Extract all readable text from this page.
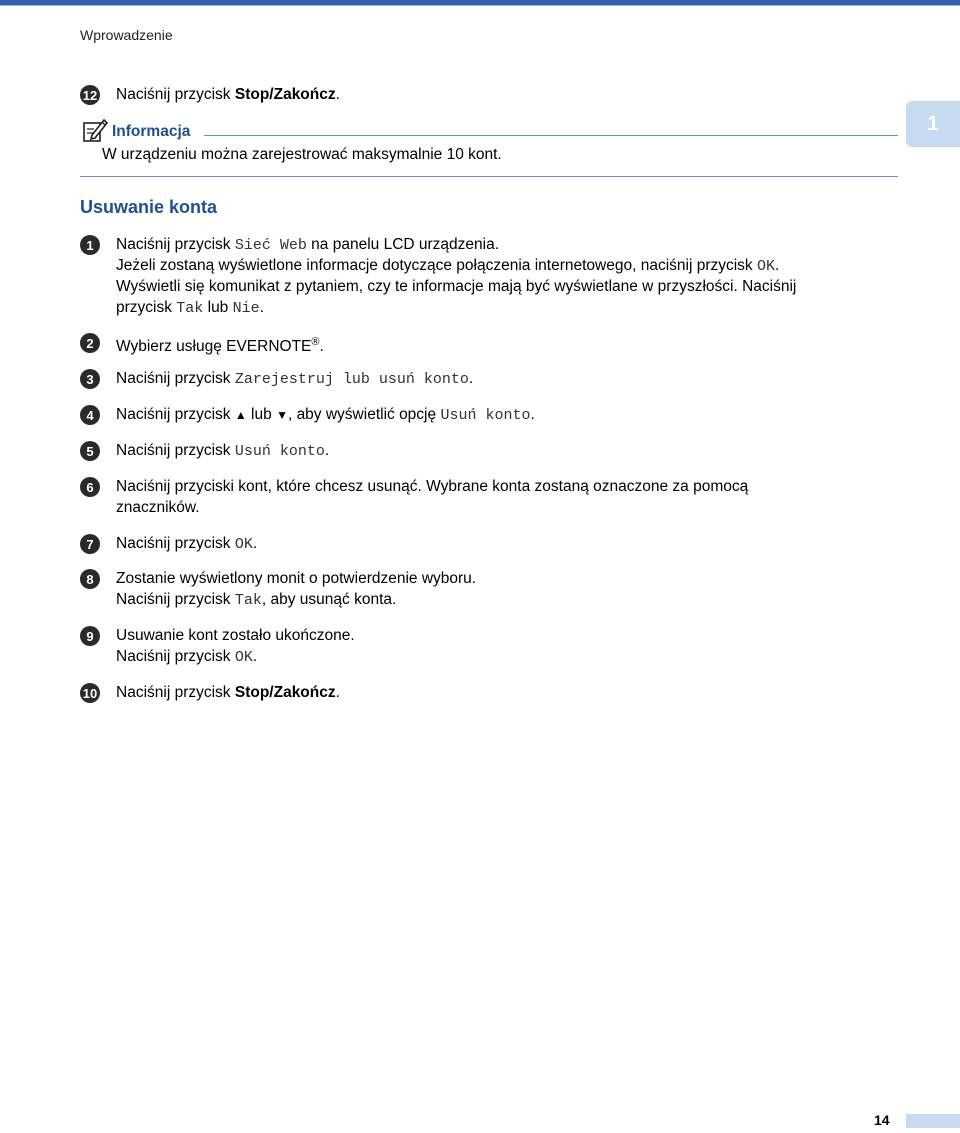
Wprowadzenie
1
12 Naciśnij przycisk Stop/Zakończ.
Informacja
W urządzeniu można zarejestrować maksymalnie 10 kont.
Usuwanie konta
1	Naciśnij przycisk Sieć Web na panelu LCD urządzenia.
Jeżeli zostaną wyświetlone informacje dotyczące połączenia internetowego, naciśnij przycisk OK.
Wyświetli się komunikat z pytaniem, czy te informacje mają być wyświetlane w przyszłości. Naciśnij
przycisk Tak lub Nie.
2	Wybierz usługę EVERNOTE®.
3	Naciśnij przycisk Zarejestruj lub usuń konto.
4	Naciśnij przycisk ▲ lub ▼, aby wyświetlić opcję Usuń konto.
5	Naciśnij przycisk Usuń konto.
6	Naciśnij przyciski kont, które chcesz usunąć. Wybrane konta zostaną oznaczone za pomocą
znaczników.
7	Naciśnij przycisk OK.
8	Zostanie wyświetlony monit o potwierdzenie wyboru.
Naciśnij przycisk Tak, aby usunąć konta.
9	Usuwanie kont zostało ukończone.
Naciśnij przycisk OK.
10 Naciśnij przycisk Stop/Zakończ.
14
